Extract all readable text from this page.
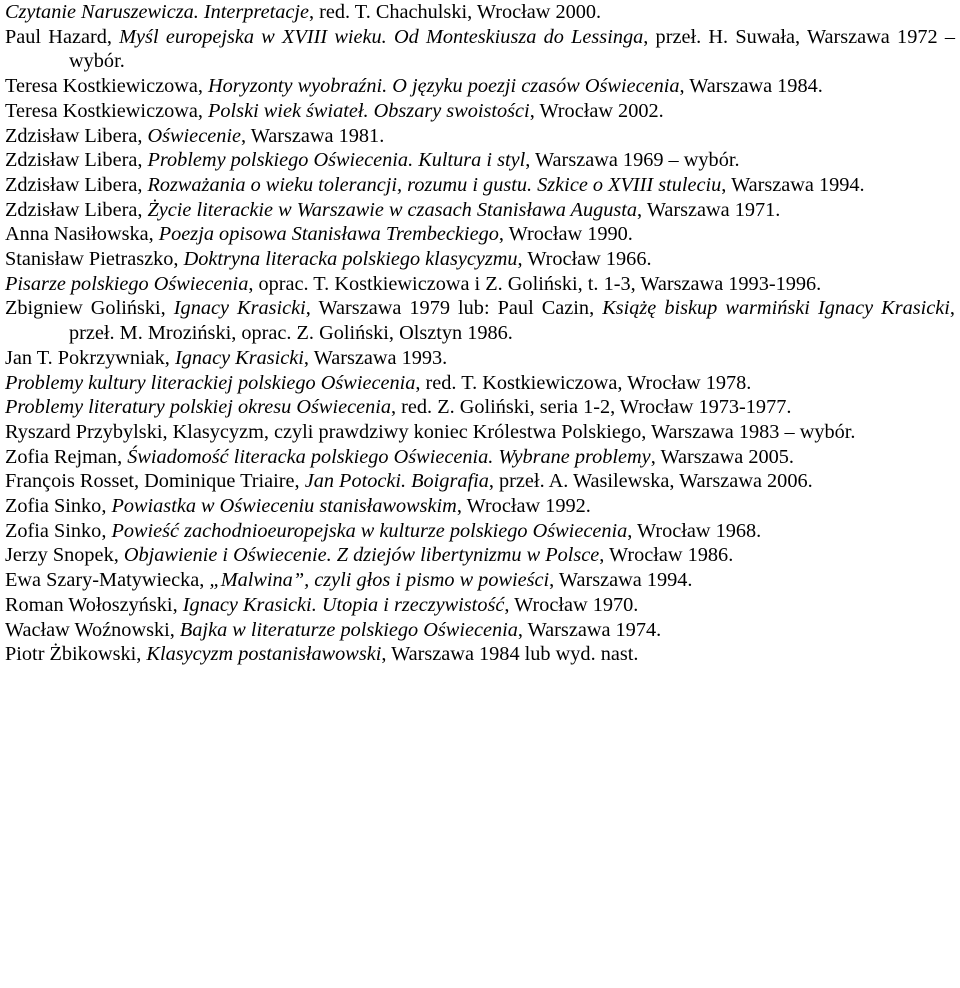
Czytanie Naruszewicza. Interpretacje, red. T. Chachulski, Wrocław 2000.

Paul Hazard, Myśl europejska w XVIII wieku. Od Monteskiusza do Lessinga, przeł. H. Suwała, Warszawa 1972 – wybór.

Teresa Kostkiewiczowa, Horyzonty wyobraźni. O języku poezji czasów Oświecenia, Warszawa 1984.

Teresa Kostkiewiczowa, Polski wiek świateł. Obszary swoistości, Wrocław 2002.

Zdzisław Libera, Oświecenie, Warszawa 1981.

Zdzisław Libera, Problemy polskiego Oświecenia. Kultura i styl, Warszawa 1969 – wybór.

Zdzisław Libera, Rozważania o wieku tolerancji, rozumu i gustu. Szkice o XVIII stuleciu, Warszawa 1994.

Zdzisław Libera, Życie literackie w Warszawie w czasach Stanisława Augusta, Warszawa 1971.

Anna Nasiłowska, Poezja opisowa Stanisława Trembeckiego, Wrocław 1990.

Stanisław Pietraszko, Doktryna literacka polskiego klasycyzmu, Wrocław 1966.

Pisarze polskiego Oświecenia, oprac. T. Kostkiewiczowa i Z. Goliński, t. 1-3, Warszawa 1993-1996.

Zbigniew Goliński, Ignacy Krasicki, Warszawa 1979 lub: Paul Cazin, Książę biskup warmiński Ignacy Krasicki, przeł. M. Mroziński, oprac. Z. Goliński, Olsztyn 1986.

Jan T. Pokrzywniak, Ignacy Krasicki, Warszawa 1993.

Problemy kultury literackiej polskiego Oświecenia, red. T. Kostkiewiczowa, Wrocław 1978.

Problemy literatury polskiej okresu Oświecenia, red. Z. Goliński, seria 1-2, Wrocław 1973-1977.

Ryszard Przybylski, Klasycyzm, czyli prawdziwy koniec Królestwa Polskiego, Warszawa 1983 – wybór.

Zofia Rejman, Świadomość literacka polskiego Oświecenia. Wybrane problemy, Warszawa 2005.

François Rosset, Dominique Triaire, Jan Potocki. Boigrafia, przeł. A. Wasilewska, Warszawa 2006.

Zofia Sinko, Powiastka w Oświeceniu stanisławowskim, Wrocław 1992.

Zofia Sinko, Powieść zachodnioeuropejska w kulturze polskiego Oświecenia, Wrocław 1968.

Jerzy Snopek, Objawienie i Oświecenie. Z dziejów libertynizmu w Polsce, Wrocław 1986.

Ewa Szary-Matywiecka, „Malwina”, czyli głos i pismo w powieści, Warszawa 1994.

Roman Wołoszyński, Ignacy Krasicki. Utopia i rzeczywistość, Wrocław 1970.

Wacław Woźnowski, Bajka w literaturze polskiego Oświecenia, Warszawa 1974.

Piotr Żbikowski, Klasycyzm postanisławowski, Warszawa 1984 lub wyd. nast.
